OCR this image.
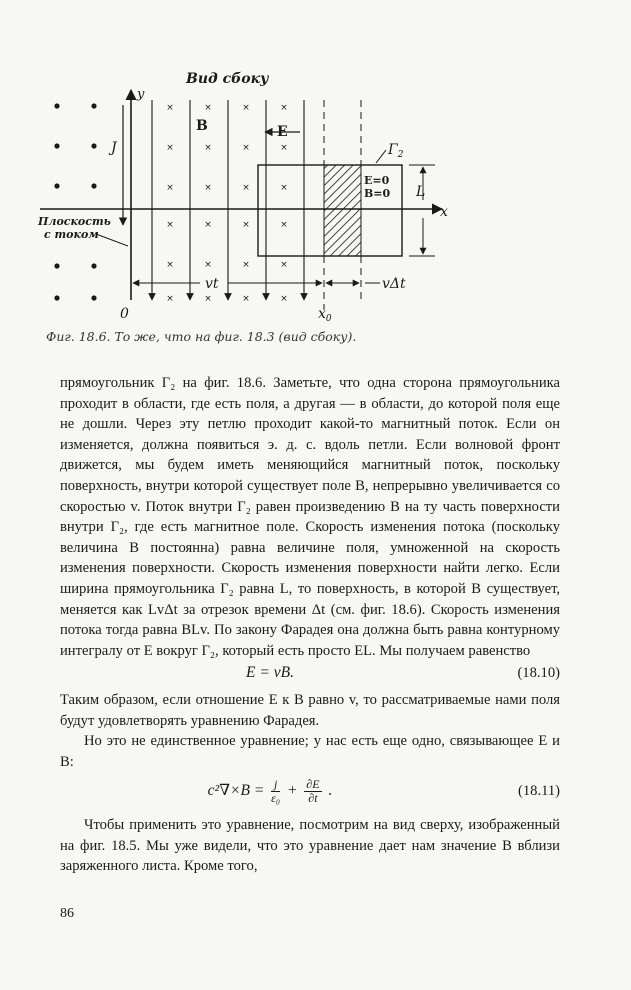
Вид сбоку
×	×	×	×
×	×	×	×
×	×	×	×
×	×	×	×
×	×	×	×
×	×	×	×
y
J
B	E
$\Gamma_2$
E=0
B=0 L
x
Плоскость
с током
vt	vΔt
0	$x_0$
Фиг. 18.6. То же, что на фиг. 18.3 (вид сбоку).

прямоугольник Γ₂ на фиг. 18.6. Заметьте, что одна сторона прямоугольника проходит в области, где есть поля, а другая — в области, до которой поля еще не дошли. Через эту петлю проходит какой-то магнитный поток. Если он изменяется, должна появиться э. д. с. вдоль петли. Если волновой фронт движется, мы будем иметь меняющийся магнитный поток, поскольку поверхность, внутри которой существует поле B, непрерывно увеличивается со скоростью v. Поток внутри Γ₂ равен произведению B на ту часть поверхности внутри Γ₂, где есть магнитное поле. Скорость изменения потока (поскольку величина B постоянна) равна величине поля, умноженной на скорость изменения поверхности. Скорость изменения поверхности найти легко. Если ширина прямоугольника Γ₂ равна L, то поверхность, в которой B существует, меняется как LvΔt за отрезок времени Δt (см. фиг. 18.6). Скорость изменения потока тогда равна BLv. По закону Фарадея она должна быть равна контурному интегралу от E вокруг Γ₂, который есть просто EL. Мы получаем равенство

E = vB.	(18.10)

Таким образом, если отношение E к B равно v, то рассматриваемые нами поля будут удовлетворять уравнению Фарадея.

Но это не единственное уравнение; у нас есть еще одно, связывающее E и B:

$c^2\nabla\times B = \frac{j}{\text{ε₀}} + \frac{\partial E}{\partial t}$ .	(18.11)

Чтобы применить это уравнение, посмотрим на вид сверху, изображенный на фиг. 18.5. Мы уже видели, что это уравнение дает нам значение B вблизи заряженного листа. Кроме того,

86
